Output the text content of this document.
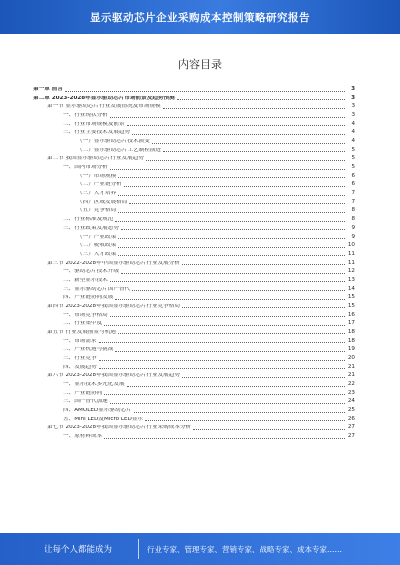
显示驱动芯片企业采购成本控制策略研究报告
内容目录
第一章 前言	3
第二章 2023-2028年显示驱动芯片市场前景及趋势预测	3
第一节 显示驱动芯片行业发展情况及市场规模	3
一、行业现状分析	3
二、行业市场规模及前景	4
三、行业主要技术发展趋势	4
（一）显示驱动芯片技术演变	4
（二）显示驱动芯片工艺制程演进	5
第二节 我国显示驱动芯片行业发展趋势	5
一、国内市场分析	5
（一）市场规模	6
（二）产业链分析	6
（三）人才培养	7
（四）区域发展格局	7
（五）竞争格局	8
二、行业标准及规范	8
三、行业政策发展态势	9
（一）产业政策	9
（二）税收政策	10
（三）人才政策	11
第三节 2022-2028年中国显示驱动芯片行业发展分析	11
一、驱动芯片技术升级	12
二、新型显示技术	13
三、显示驱动芯片国产替代	14
四、产业链协同发展	15
第四节 2023-2028年我国显示驱动芯片行业竞争格局	15
一、市场竞争格局	16
二、行业集中度	17
第五节 行业发展前景与机遇	18
一、市场需求	18
二、产业机遇与挑战	19
三、行业竞争	20
四、发展趋势	21
第六节 2023-2028年我国显示驱动芯片行业发展趋势	21
一、显示技术多元化发展	22
二、产业链协同	23
三、国产替代加速	24
四、AMOLED显示驱动芯片	25
五、Mini LED及Micro LED显示	26
第七节 2023-2028年我国显示驱动芯片行业采购成本分析	27
一、原材料成本	27
让每个人都能成为	行业专家、管理专家、营销专家、战略专家、成本专家……
